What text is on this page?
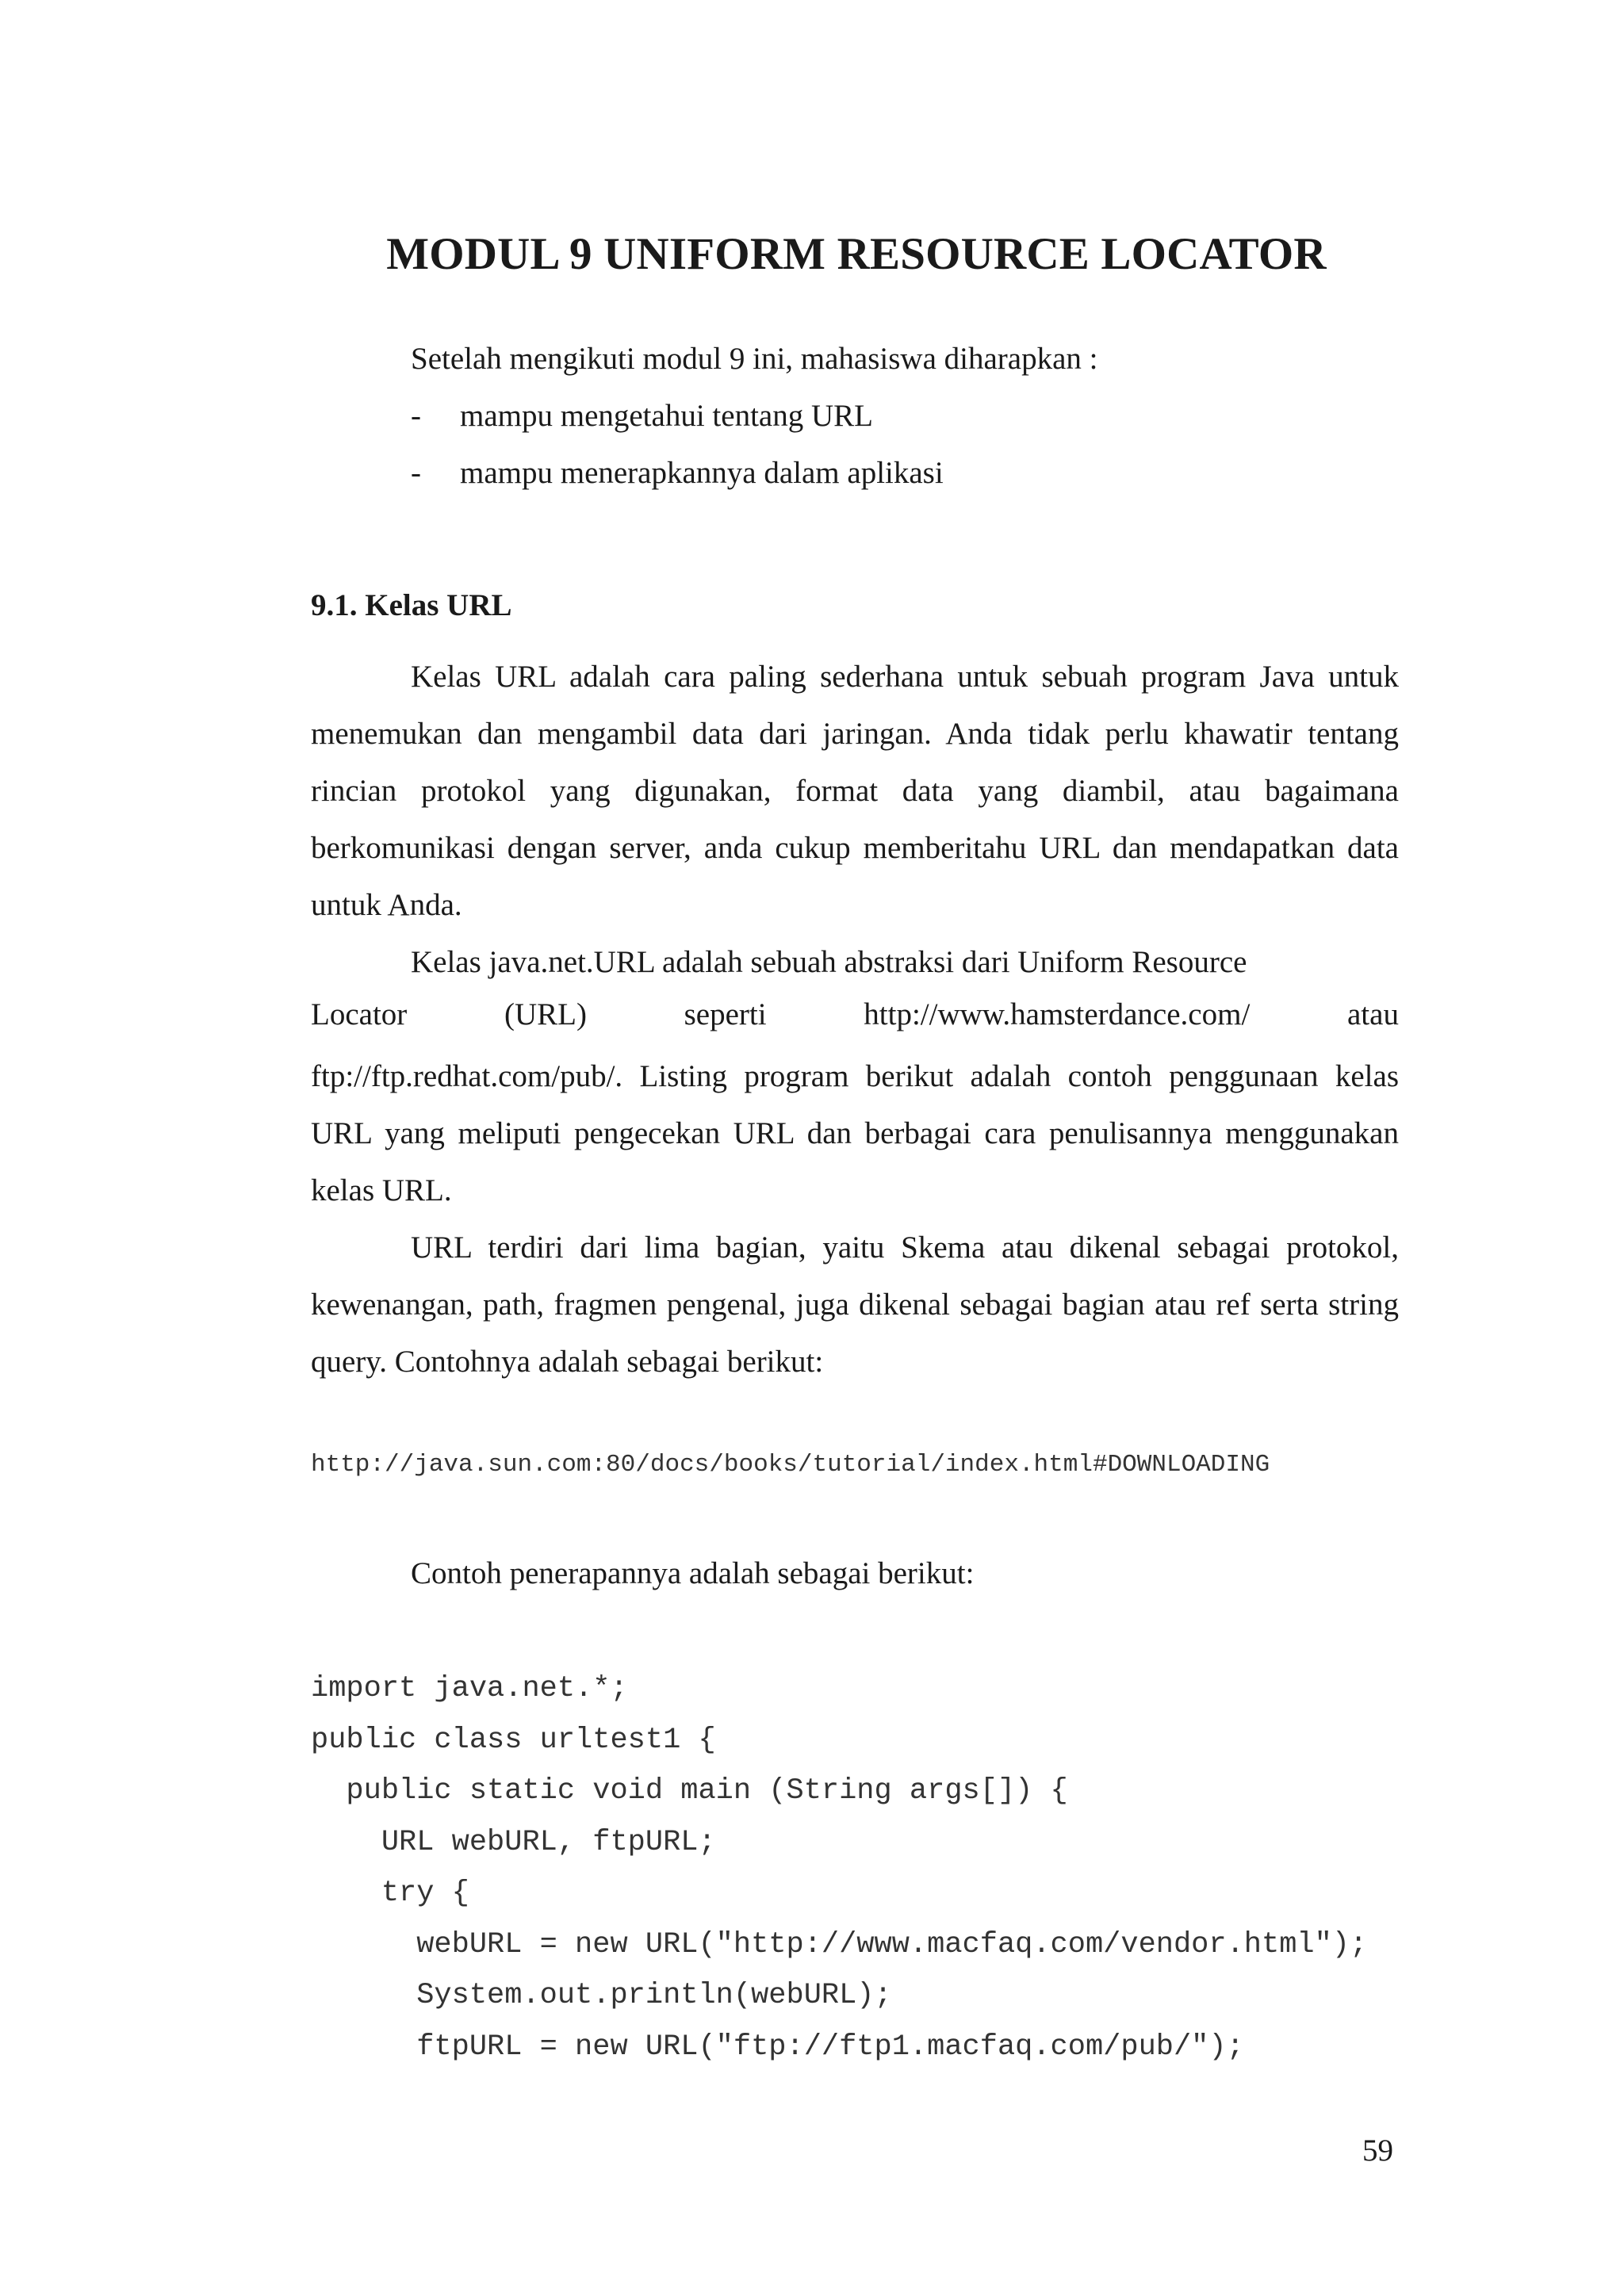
MODUL 9 UNIFORM RESOURCE LOCATOR

Setelah mengikuti modul 9 ini, mahasiswa diharapkan :

- mampu mengetahui tentang URL

- mampu menerapkannya dalam aplikasi

9.1. Kelas URL

Kelas URL adalah cara paling sederhana untuk sebuah program Java untuk menemukan dan mengambil data dari jaringan. Anda tidak perlu khawatir tentang rincian protokol yang digunakan, format data yang diambil, atau bagaimana berkomunikasi dengan server, anda cukup memberitahu URL dan mendapatkan data untuk Anda.

Kelas java.net.URL adalah sebuah abstraksi dari Uniform Resource

Locator	(URL)	seperti	http://www.hamsterdance.com/	atau

ftp://ftp.redhat.com/pub/. Listing program berikut adalah contoh penggunaan kelas URL yang meliputi pengecekan URL dan berbagai cara penulisannya menggunakan kelas URL.

URL terdiri dari lima bagian, yaitu Skema atau dikenal sebagai protokol, kewenangan, path, fragmen pengenal, juga dikenal sebagai bagian atau ref serta string query. Contohnya adalah sebagai berikut:

http://java.sun.com:80/docs/books/tutorial/index.html#DOWNLOADING

Contoh penerapannya adalah sebagai berikut:

import java.net.*;
public class urltest1 {
public static void main (String args[]) {
URL webURL, ftpURL;
try {
webURL = new URL("http://www.macfaq.com/vendor.html");
System.out.println(webURL);
ftpURL = new URL("ftp://ftp1.macfaq.com/pub/");

59
